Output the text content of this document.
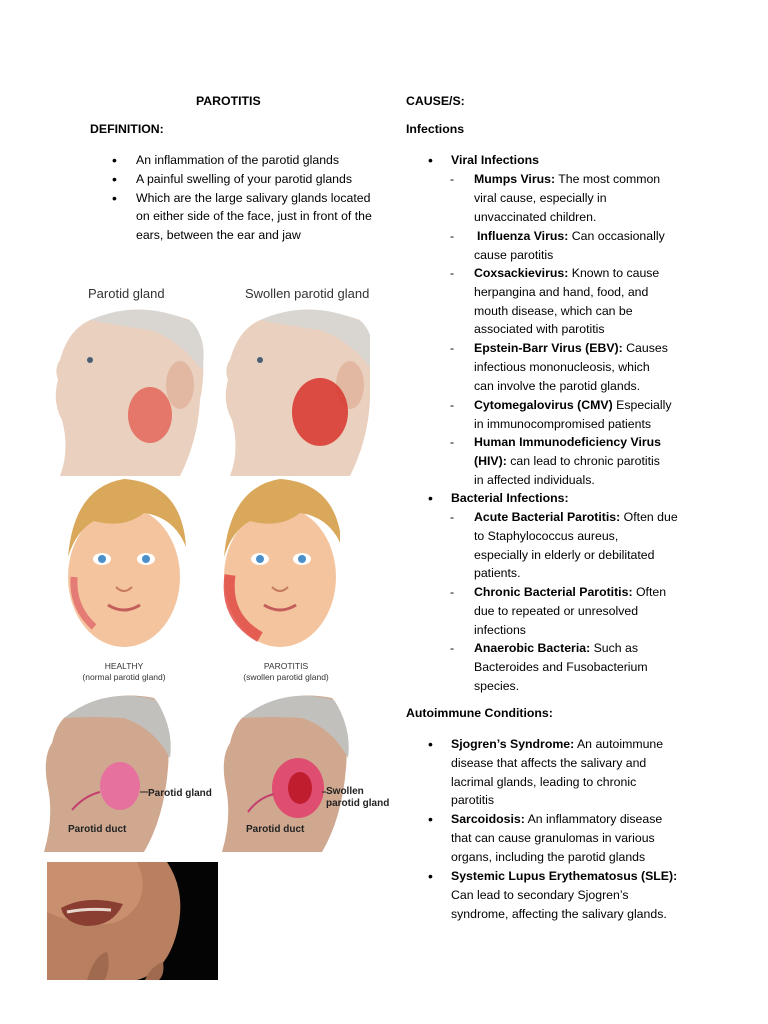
PAROTITIS
DEFINITION:
• An inflammation of the parotid glands
• A painful swelling of your parotid glands
• Which are the large salivary glands located on either side of the face, just in front of the ears, between the ear and jaw
Parotid gland	Swollen parotid gland
HEALTHY
(normal parotid gland)
PAROTITIS
(swollen parotid gland)
Parotid gland
Parotid duct
Swollen
parotid gland
Parotid duct
CAUSE/S:
Infections
• Viral Infections
- Mumps Virus: The most common
viral cause, especially in
unvaccinated children.
- Influenza Virus: Can occasionally
cause parotitis
- Coxsackievirus: Known to cause
herpangina and hand, food, and
mouth disease, which can be
associated with parotitis
- Epstein-Barr Virus (EBV): Causes
infectious mononucleosis, which
can involve the parotid glands.
- Cytomegalovirus (CMV) Especially
in immunocompromised patients
- Human Immunodeficiency Virus
(HIV): can lead to chronic parotitis
in affected individuals.
• Bacterial Infections:
- Acute Bacterial Parotitis: Often due
to Staphylococcus aureus,
especially in elderly or debilitated
patients.
- Chronic Bacterial Parotitis: Often
due to repeated or unresolved
infections
- Anaerobic Bacteria: Such as
Bacteroides and Fusobacterium
species.
Autoimmune Conditions:
• Sjogren’s Syndrome: An autoimmune
disease that affects the salivary and
lacrimal glands, leading to chronic
parotitis
• Sarcoidosis: An inflammatory disease
that can cause granulomas in various
organs, including the parotid glands
• Systemic Lupus Erythematosus (SLE):
Can lead to secondary Sjogren’s
syndrome, affecting the salivary glands.
